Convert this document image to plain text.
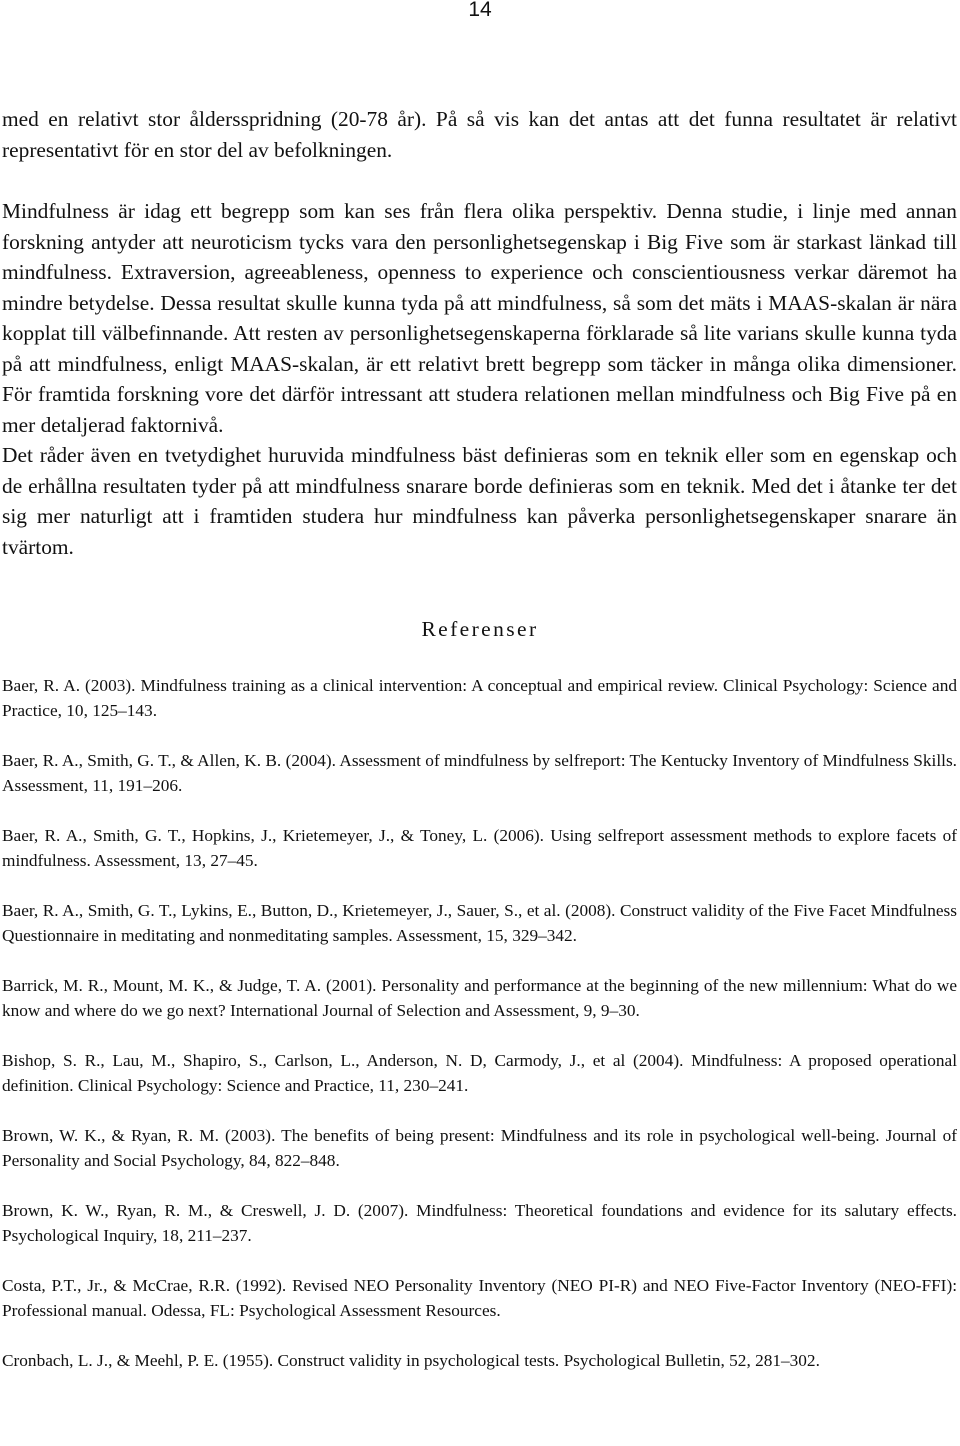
14

med en relativt stor åldersspridning (20-78 år). På så vis kan det antas att det funna resultatet är relativt representativt för en stor del av befolkningen.

Mindfulness är idag ett begrepp som kan ses från flera olika perspektiv. Denna studie, i linje med annan forskning antyder att neuroticism tycks vara den personlighetsegenskap i Big Five som är starkast länkad till mindfulness. Extraversion, agreeableness, openness to experience och conscientiousness verkar däremot ha mindre betydelse. Dessa resultat skulle kunna tyda på att mindfulness, så som det mäts i MAAS-skalan är nära kopplat till välbefinnande. Att resten av personlighetsegenskaperna förklarade så lite varians skulle kunna tyda på att mindfulness, enligt MAAS-skalan, är ett relativt brett begrepp som täcker in många olika dimensioner. För framtida forskning vore det därför intressant att studera relationen mellan mindfulness och Big Five på en mer detaljerad faktornivå.

Det råder även en tvetydighet huruvida mindfulness bäst definieras som en teknik eller som en egenskap och de erhållna resultaten tyder på att mindfulness snarare borde definieras som en teknik. Med det i åtanke ter det sig mer naturligt att i framtiden studera hur mindfulness kan påverka personlighetsegenskaper snarare än tvärtom.

Referenser
Baer, R. A. (2003). Mindfulness training as a clinical intervention: A conceptual and empirical review. Clinical Psychology: Science and Practice, 10, 125–143.
Baer, R. A., Smith, G. T., & Allen, K. B. (2004). Assessment of mindfulness by selfreport: The Kentucky Inventory of Mindfulness Skills. Assessment, 11, 191–206.
Baer, R. A., Smith, G. T., Hopkins, J., Krietemeyer, J., & Toney, L. (2006). Using selfreport assessment methods to explore facets of mindfulness. Assessment, 13, 27–45.
Baer, R. A., Smith, G. T., Lykins, E., Button, D., Krietemeyer, J., Sauer, S., et al. (2008). Construct validity of the Five Facet Mindfulness Questionnaire in meditating and nonmeditating samples. Assessment, 15, 329–342.
Barrick, M. R., Mount, M. K., & Judge, T. A. (2001). Personality and performance at the beginning of the new millennium: What do we know and where do we go next? International Journal of Selection and Assessment, 9, 9–30.
Bishop, S. R., Lau, M., Shapiro, S., Carlson, L., Anderson, N. D, Carmody, J., et al (2004). Mindfulness: A proposed operational definition. Clinical Psychology: Science and Practice, 11, 230–241.
Brown, W. K., & Ryan, R. M. (2003). The benefits of being present: Mindfulness and its role in psychological well-being. Journal of Personality and Social Psychology, 84, 822–848.
Brown, K. W., Ryan, R. M., & Creswell, J. D. (2007). Mindfulness: Theoretical foundations and evidence for its salutary effects. Psychological Inquiry, 18, 211–237.
Costa, P.T., Jr., & McCrae, R.R. (1992). Revised NEO Personality Inventory (NEO PI-R) and NEO Five-Factor Inventory (NEO-FFI): Professional manual. Odessa, FL: Psychological Assessment Resources.
Cronbach, L. J., & Meehl, P. E. (1955). Construct validity in psychological tests. Psychological Bulletin, 52, 281–302.
